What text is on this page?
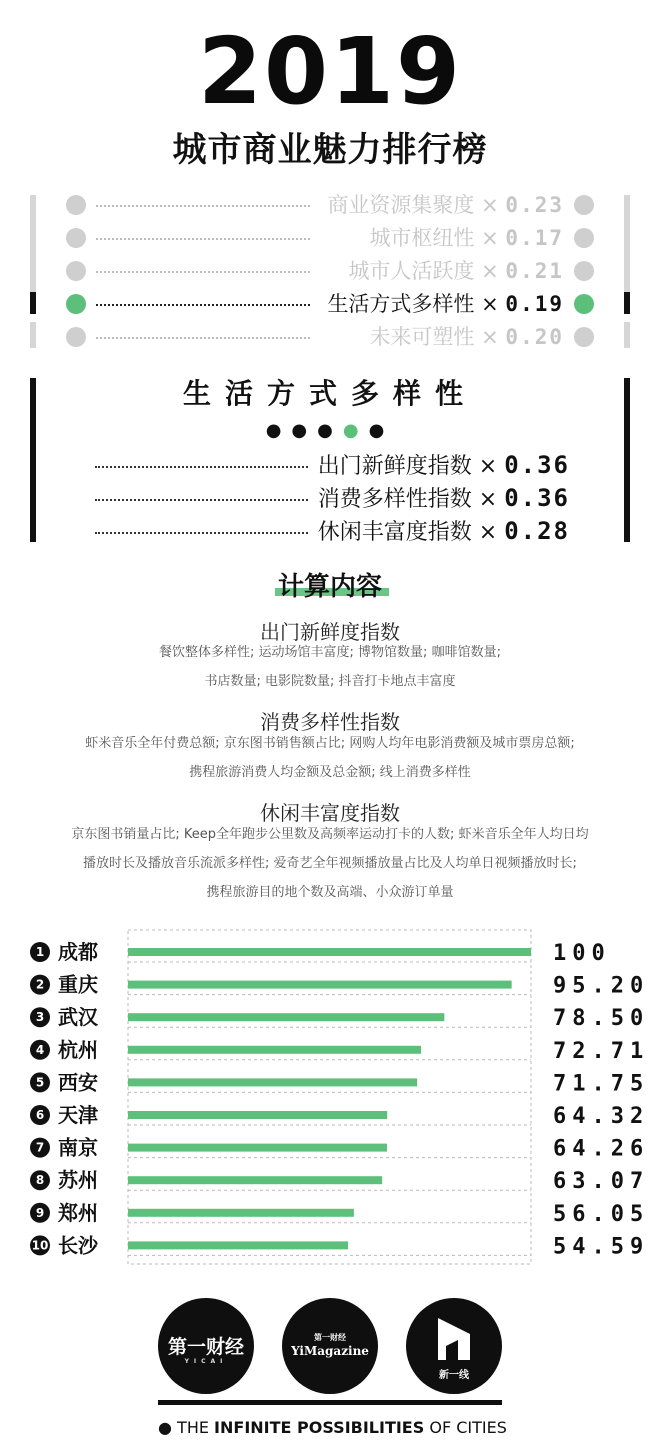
2019
城市商业魅力排行榜
商业资源集聚度 × 0.23
城市枢纽性 × 0.17
城市人活跃度 × 0.21
生活方式多样性 × 0.19
未来可塑性 × 0.20
生活方式多样性
●●●●●
出门新鲜度指数 × 0.36
消费多样性指数 × 0.36
休闲丰富度指数 × 0.28
计算内容
出门新鲜度指数
餐饮整体多样性; 运动场馆丰富度; 博物馆数量; 咖啡馆数量;
书店数量; 电影院数量; 抖音打卡地点丰富度
消费多样性指数
虾米音乐全年付费总额; 京东图书销售额占比; 网购人均年电影消费额及城市票房总额;
携程旅游消费人均金额及总金额; 线上消费多样性
休闲丰富度指数
京东图书销量占比; Keep全年跑步公里数及高频率运动打卡的人数; 虾米音乐全年人均日均
播放时长及播放音乐流派多样性; 爱奇艺全年视频播放量占比及人均单日视频播放时长;
携程旅游目的地个数及高端、小众游订单量
1 成都	100
2 重庆	95.20
3 武汉	78.50
4 杭州	72.71
5 西安	71.75
6 天津	64.32
7 南京	64.26
8 苏州	63.07
9 郑州	56.05
10 长沙	54.59
第一财经
YICAI
第一财经
YiMagazine
新一线
● THE INFINITE POSSIBILITIES OF CITIES
